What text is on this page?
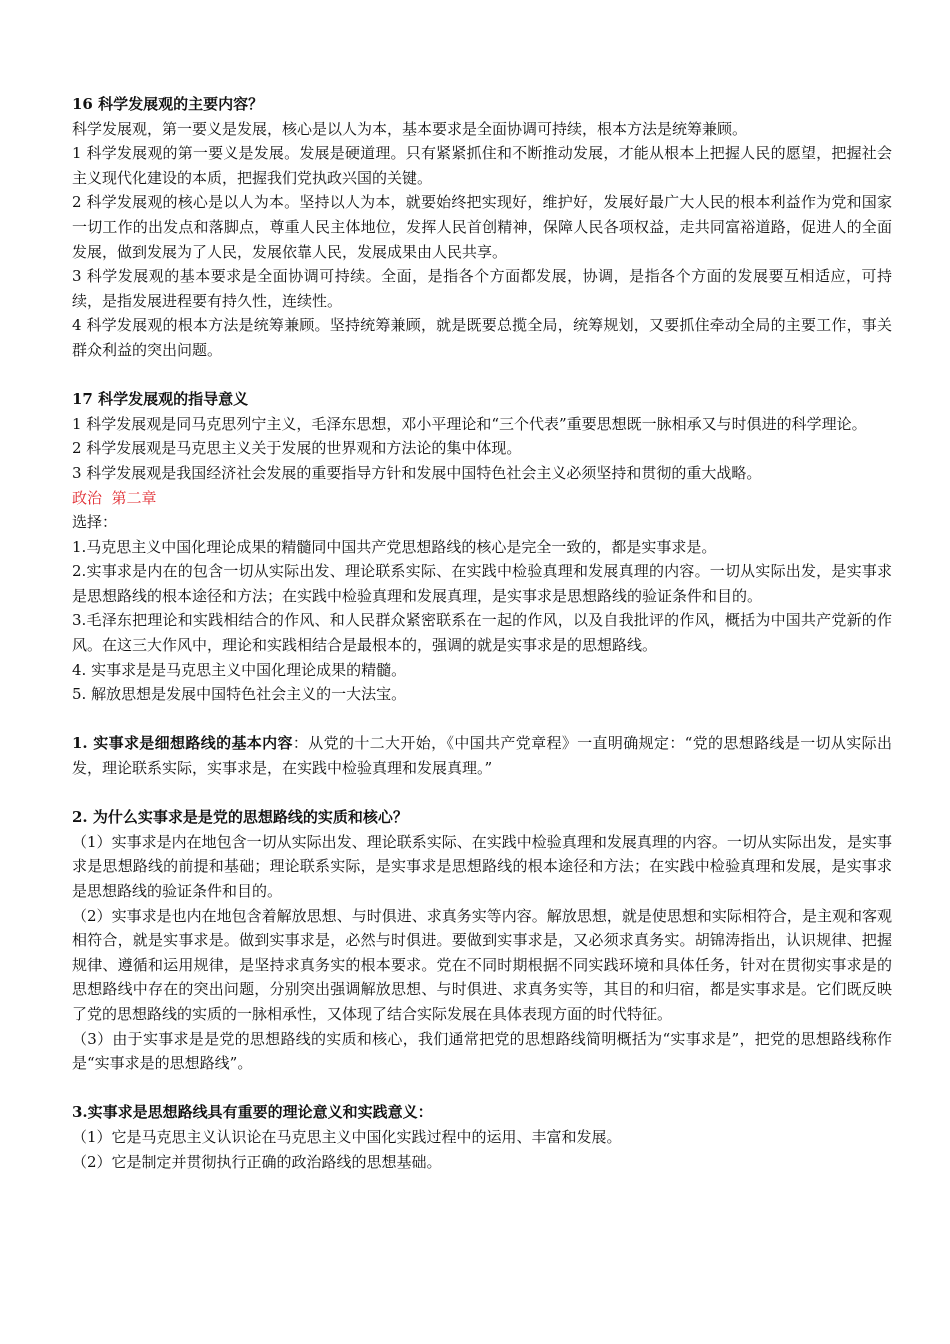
16 科学发展观的主要内容？

科学发展观，第一要义是发展，核心是以人为本，基本要求是全面协调可持续，根本方法是统筹兼顾。

1 科学发展观的第一要义是发展。发展是硬道理。只有紧紧抓住和不断推动发展，才能从根本上把握人民的愿望，把握社会主义现代化建设的本质，把握我们党执政兴国的关键。

2 科学发展观的核心是以人为本。坚持以人为本，就要始终把实现好，维护好，发展好最广大人民的根本利益作为党和国家一切工作的出发点和落脚点，尊重人民主体地位，发挥人民首创精神，保障人民各项权益，走共同富裕道路，促进人的全面发展，做到发展为了人民，发展依靠人民，发展成果由人民共享。

3 科学发展观的基本要求是全面协调可持续。全面，是指各个方面都发展，协调，是指各个方面的发展要互相适应，可持续，是指发展进程要有持久性，连续性。

4 科学发展观的根本方法是统筹兼顾。坚持统筹兼顾，就是既要总揽全局，统筹规划，又要抓住牵动全局的主要工作，事关群众利益的突出问题。

17 科学发展观的指导意义

1 科学发展观是同马克思列宁主义，毛泽东思想，邓小平理论和“三个代表”重要思想既一脉相承又与时俱进的科学理论。

2 科学发展观是马克思主义关于发展的世界观和方法论的集中体现。

3 科学发展观是我国经济社会发展的重要指导方针和发展中国特色社会主义必须坚持和贯彻的重大战略。

政治  第二章

选择：

1.马克思主义中国化理论成果的精髓同中国共产党思想路线的核心是完全一致的，都是实事求是。

2.实事求是内在的包含一切从实际出发、理论联系实际、在实践中检验真理和发展真理的内容。一切从实际出发，是实事求是思想路线的根本途径和方法；在实践中检验真理和发展真理，是实事求是思想路线的验证条件和目的。

3.毛泽东把理论和实践相结合的作风、和人民群众紧密联系在一起的作风，以及自我批评的作风，概括为中国共产党新的作风。在这三大作风中，理论和实践相结合是最根本的，强调的就是实事求是的思想路线。

4. 实事求是是马克思主义中国化理论成果的精髓。

5. 解放思想是发展中国特色社会主义的一大法宝。

1. 实事求是细想路线的基本内容：从党的十二大开始，《中国共产党章程》一直明确规定：“党的思想路线是一切从实际出发，理论联系实际，实事求是，在实践中检验真理和发展真理。”

2. 为什么实事求是是党的思想路线的实质和核心？

（1）实事求是内在地包含一切从实际出发、理论联系实际、在实践中检验真理和发展真理的内容。一切从实际出发，是实事求是思想路线的前提和基础；理论联系实际，是实事求是思想路线的根本途径和方法；在实践中检验真理和发展，是实事求是思想路线的验证条件和目的。

（2）实事求是也内在地包含着解放思想、与时俱进、求真务实等内容。解放思想，就是使思想和实际相符合，是主观和客观相符合，就是实事求是。做到实事求是，必然与时俱进。要做到实事求是，又必须求真务实。胡锦涛指出，认识规律、把握规律、遵循和运用规律，是坚持求真务实的根本要求。党在不同时期根据不同实践环境和具体任务，针对在贯彻实事求是的思想路线中存在的突出问题，分别突出强调解放思想、与时俱进、求真务实等，其目的和归宿，都是实事求是。它们既反映了党的思想路线的实质的一脉相承性，又体现了结合实际发展在具体表现方面的时代特征。

（3）由于实事求是是党的思想路线的实质和核心，我们通常把党的思想路线简明概括为“实事求是”，把党的思想路线称作是“实事求是的思想路线”。

3.实事求是思想路线具有重要的理论意义和实践意义：

（1）它是马克思主义认识论在马克思主义中国化实践过程中的运用、丰富和发展。

（2）它是制定并贯彻执行正确的政治路线的思想基础。
